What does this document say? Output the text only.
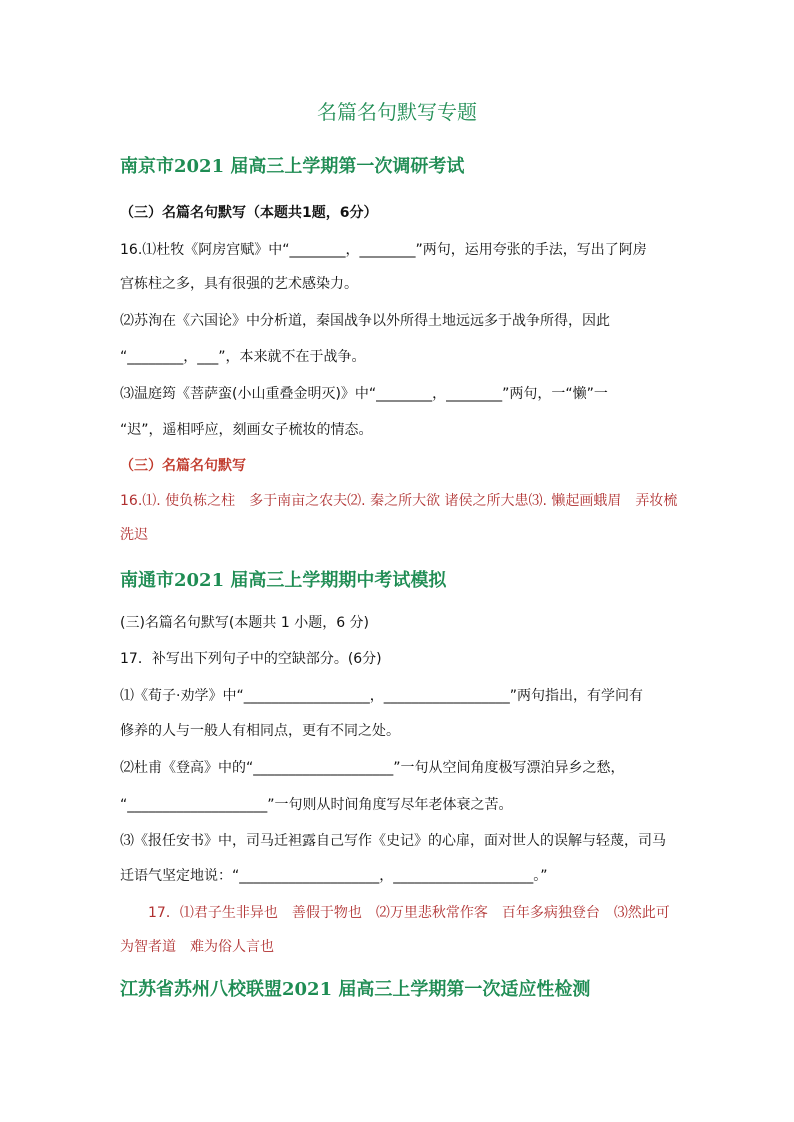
名篇名句默写专题
南京市2021 届高三上学期第一次调研考试
（三）名篇名句默写（本题共1题，6分）
16.⑴杜牧《阿房宫赋》中“________，________”两句，运用夸张的手法，写出了阿房
宫栋柱之多，具有很强的艺术感染力。
⑵苏洵在《六国论》中分析道，秦国战争以外所得土地远远多于战争所得，因此
“________，___”，本来就不在于战争。
⑶温庭筠《菩萨蛮(小山重叠金明灭)》中“________，________”两句，一“懒”一
“迟”，遥相呼应，刻画女子梳妆的情态。
（三）名篇名句默写
16.⑴. 使负栋之柱　多于南亩之农夫⑵. 秦之所大欲 诸侯之所大患⑶. 懒起画蛾眉　弄妆梳洗迟
南通市2021 届高三上学期期中考试模拟
(三)名篇名句默写(本题共 1 小题，6 分)
17．补写出下列句子中的空缺部分。(6分)
⑴《荀子·劝学》中“__________________，__________________”两句指出，有学问有
修养的人与一般人有相同点，更有不同之处。
⑵杜甫《登高》中的“____________________”一句从空间角度极写漂泊异乡之愁，
“____________________”一句则从时间角度写尽年老体衰之苦。
⑶《报任安书》中，司马迁袒露自己写作《史记》的心扉，面对世人的误解与轻蔑，司马
迁语气坚定地说：“____________________，____________________。”
17．⑴君子生非异也　善假于物也　⑵万里悲秋常作客　百年多病独登台　⑶然此可为智者道　难为俗人言也
江苏省苏州八校联盟2021 届高三上学期第一次适应性检测
